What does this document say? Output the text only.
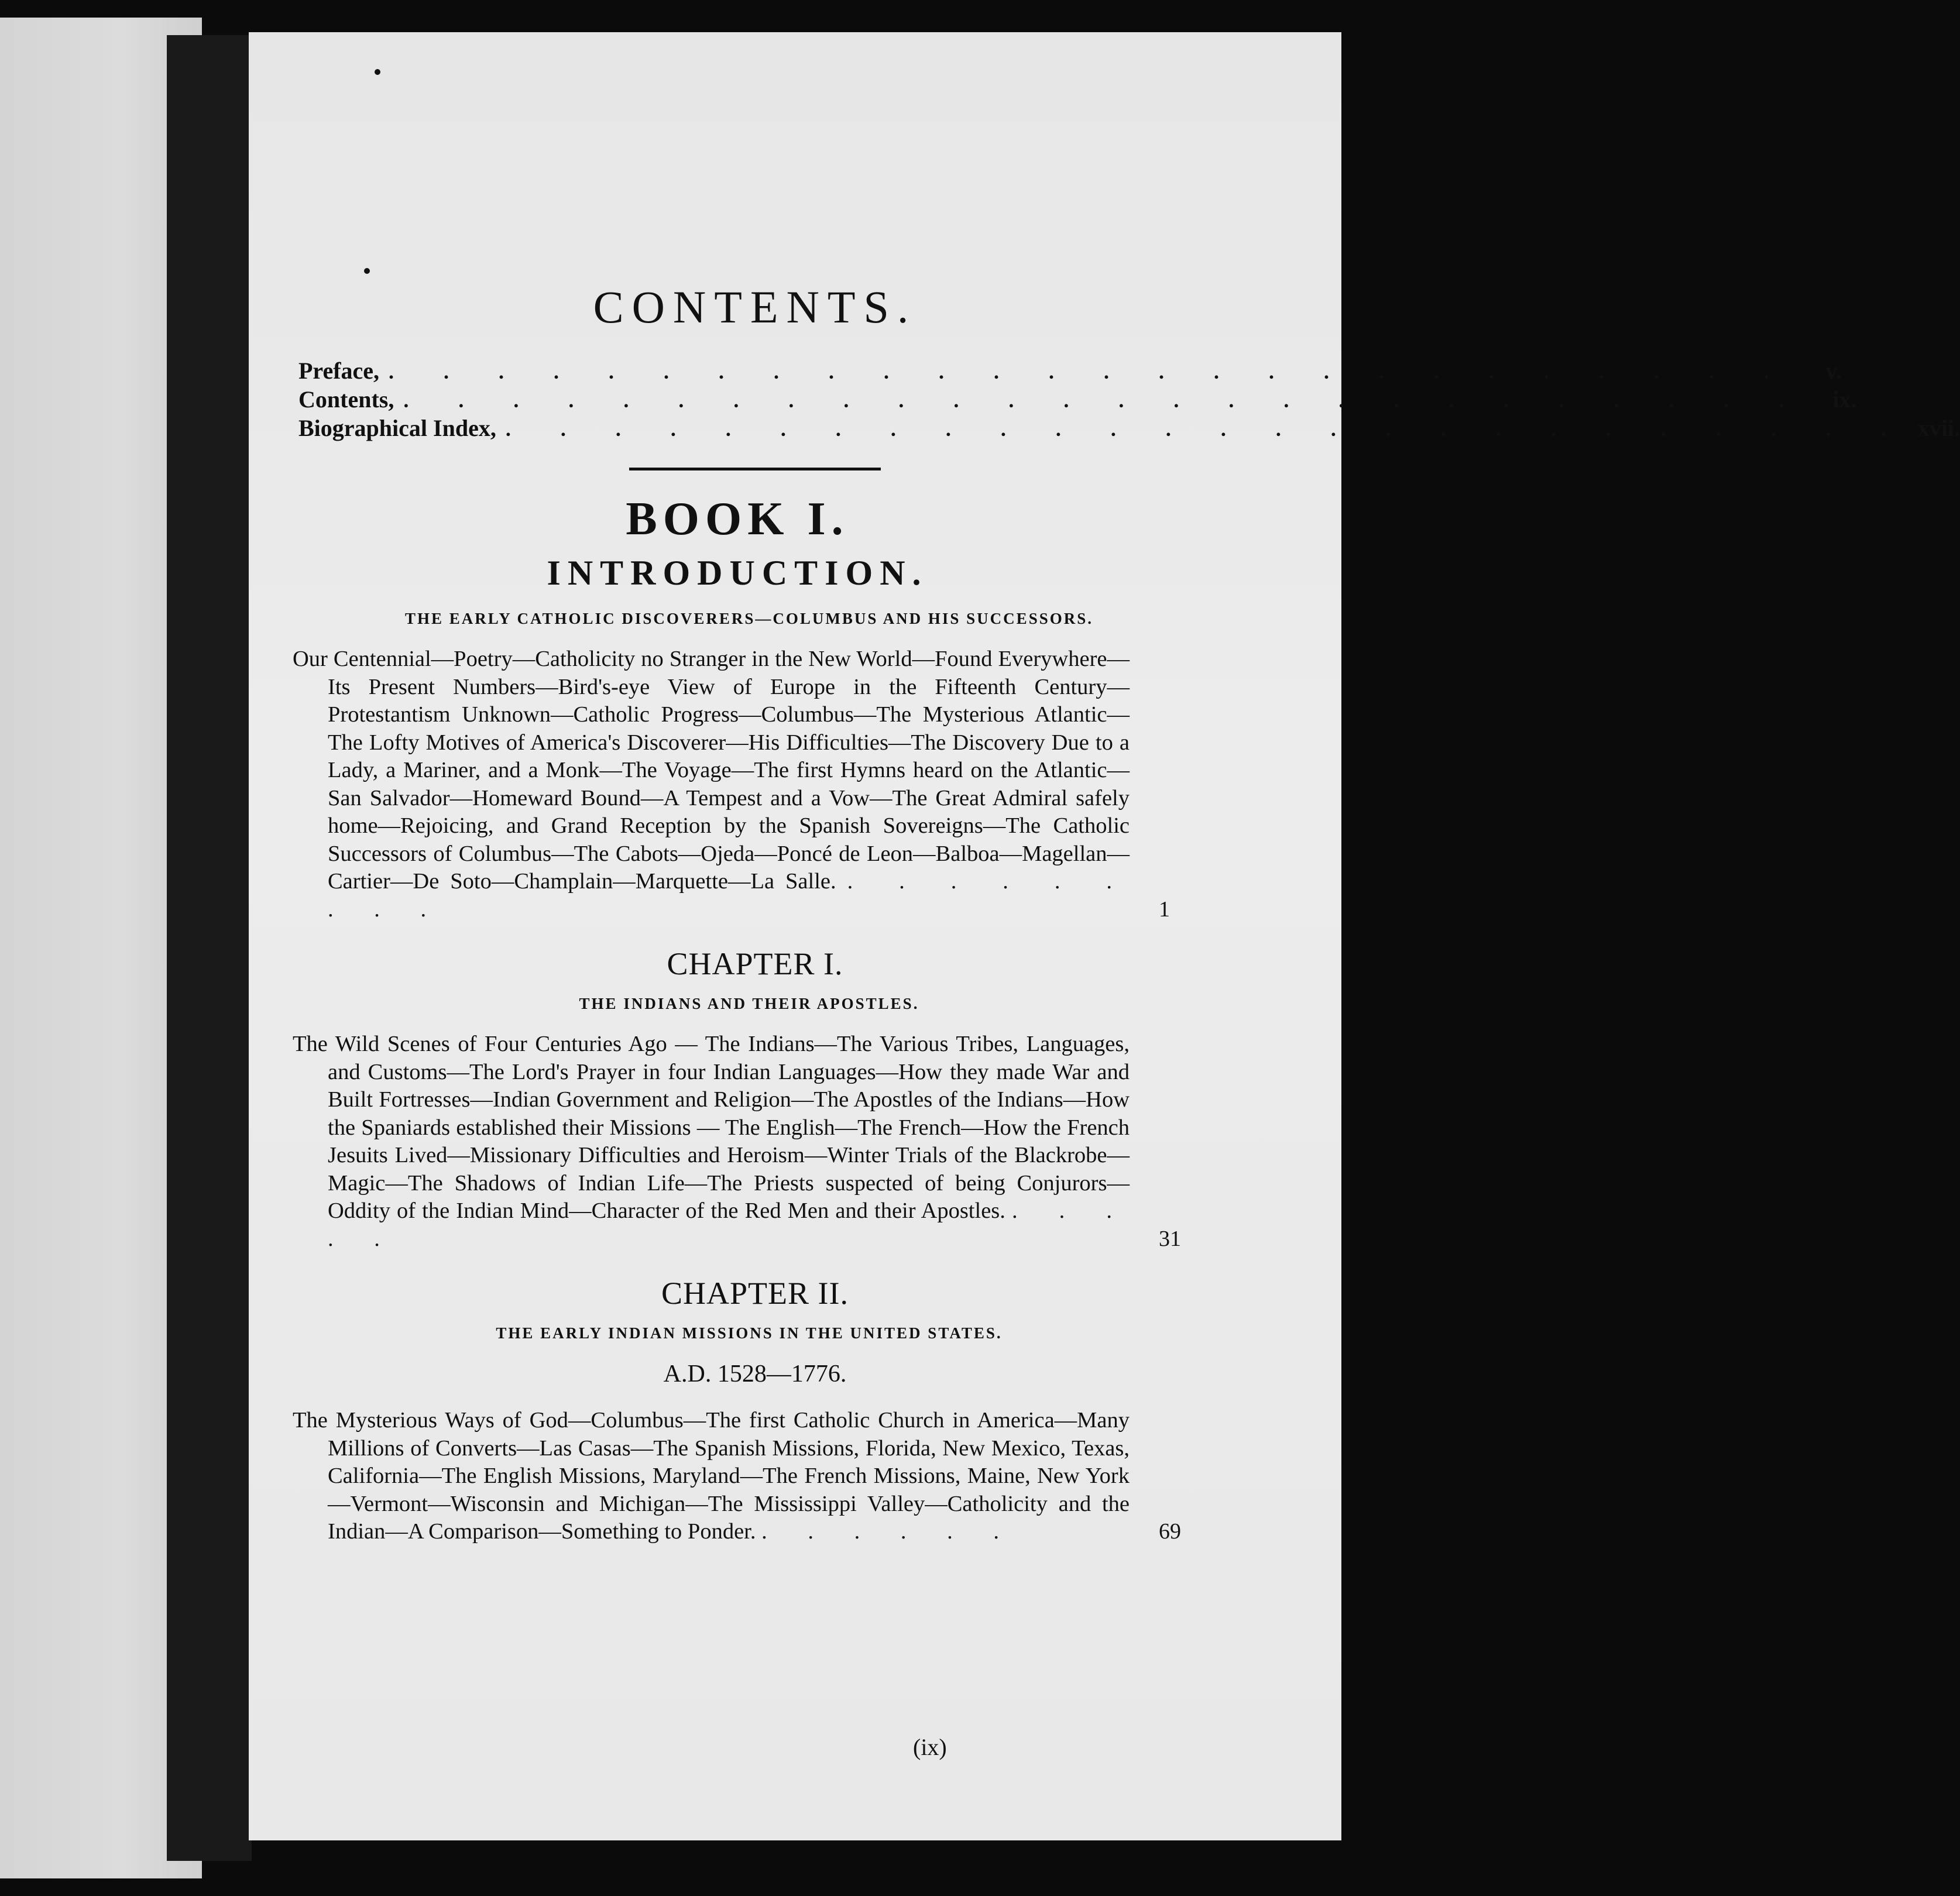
CONTENTS.
Preface, . . . . . . . . . . . . . . . . . . . . . . . . . .	v.
Contents, . . . . . . . . . . . . . . . . . . . . . . . . . .	ix.
Biographical Index, . . . . . . . . . . . . . . . . . . . . . . . . . . xvii.
BOOK I.
INTRODUCTION.
THE EARLY CATHOLIC DISCOVERERS—COLUMBUS AND HIS SUCCESSORS.
Our Centennial—Poetry—Catholicity no Stranger in the New World—Found Everywhere—Its Present Numbers—Bird's-eye View of Europe in the Fifteenth Century—Protestantism Unknown—Catholic Progress—Columbus—The Mysterious Atlantic—The Lofty Motives of America's Discoverer—His Difficulties—The Discovery Due to a Lady, a Mariner, and a Monk—The Voyage—The first Hymns heard on the Atlantic—San Salvador—Homeward Bound—A Tempest and a Vow—The Great Admiral safely home—Rejoicing, and Grand Reception by the Spanish Sovereigns—The Catholic Successors of Columbus—The Cabots—Ojeda—Poncé de Leon—Balboa—Magellan—Cartier—De Soto—Champlain—Marquette—La Salle. . . . . . . . . .	1
CHAPTER I.
THE INDIANS AND THEIR APOSTLES.
The Wild Scenes of Four Centuries Ago — The Indians—The Various Tribes, Languages, and Customs—The Lord's Prayer in four Indian Languages—How they made War and Built Fortresses—Indian Government and Religion—The Apostles of the Indians—How the Spaniards established their Missions — The English—The French—How the French Jesuits Lived—Missionary Difficulties and Heroism—Winter Trials of the Blackrobe—Magic—The Shadows of Indian Life—The Priests suspected of being Conjurors—Oddity of the Indian Mind—Character of the Red Men and their Apostles. . . . . .	31
CHAPTER II.
THE EARLY INDIAN MISSIONS IN THE UNITED STATES.
A.D. 1528—1776.
The Mysterious Ways of God—Columbus—The first Catholic Church in America—Many Millions of Converts—Las Casas—The Spanish Missions, Florida, New Mexico, Texas, California—The English Missions, Maryland—The French Missions, Maine, New York—Vermont—Wisconsin and Michigan—The Mississippi Valley—Catholicity and the Indian—A Comparison—Something to Ponder. . . . . . .	69
(ix)
